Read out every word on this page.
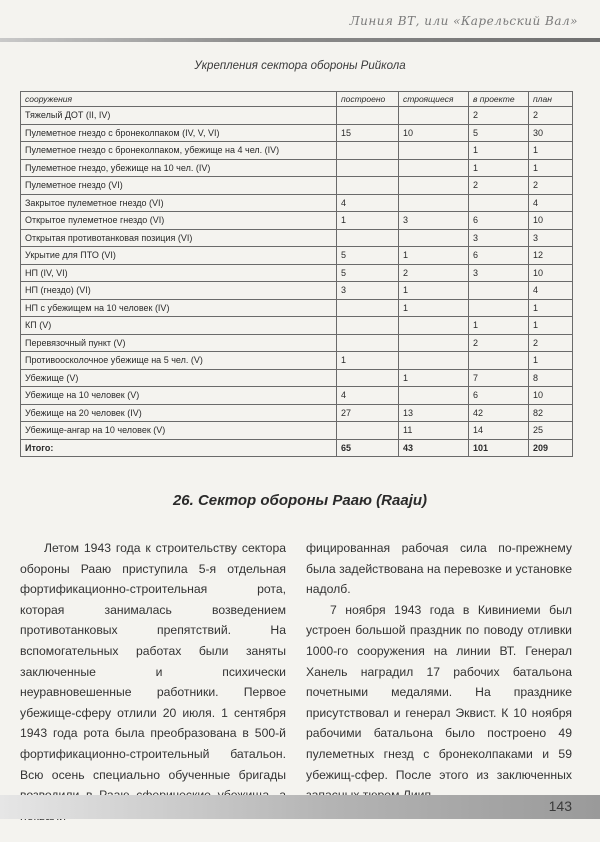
Линия ВТ, или «Карельский Вал»
Укрепления сектора обороны Рийкола
сооружения	построено	строящиеся	в проекте	план
Тяжелый ДОТ (II, IV)			2	2
Пулеметное гнездо с бронеколпаком (IV, V, VI)	15	10	5	30
Пулеметное гнездо с бронеколпаком, убежище на 4 чел. (IV)			1	1
Пулеметное гнездо, убежище на 10 чел. (IV)			1	1
Пулеметное гнездо (VI)			2	2
Закрытое пулеметное гнездо (VI)	4			4
Открытое пулеметное гнездо (VI)	1	3	6	10
Открытая противотанковая позиция (VI)			3	3
Укрытие для ПТО (VI)	5	1	6	12
НП (IV, VI)	5	2	3	10
НП (гнездо) (VI)	3	1		4
НП с убежищем на 10 человек (IV)		1		1
КП (V)			1	1
Перевязочный пункт (V)			2	2
Противоосколочное убежище на 5 чел. (V)	1			1
Убежище (V)		1	7	8
Убежище на 10 человек (V)	4		6	10
Убежище на 20 человек (IV)	27	13	42	82
Убежище-ангар на 10 человек (V)		11	14	25
Итого:	65	43	101	209
26. Сектор обороны Рааю (Raaju)

Летом 1943 года к строительству сектора обороны Рааю приступила 5-я отдельная фортификационно-строительная рота, которая занималась возведением противотанковых препятствий. На вспомогательных работах были заняты заключенные и психически неуравновешенные работники. Первое убежище-сферу отлили 20 июля. 1 сентября 1943 года рота была преобразована в 500-й фортификационно-строительный батальон. Всю осень специально обученные бригады

фицированная рабочая сила по-прежнему была задействована на перевозке и установке надолб.

7 ноября 1943 года в Кивиниеми был устроен большой праздник по поводу отливки 1000-го сооружения на линии ВТ. Генерал Ханель наградил 17 рабочих батальона почетными медалями. На празднике присутствовал и генерал Эквист. К 10 ноября рабочими батальона было построено 49 пулеметных гнезд с бронеколпаками и 59 убежищ-сфер. После этого из заключенных

143
